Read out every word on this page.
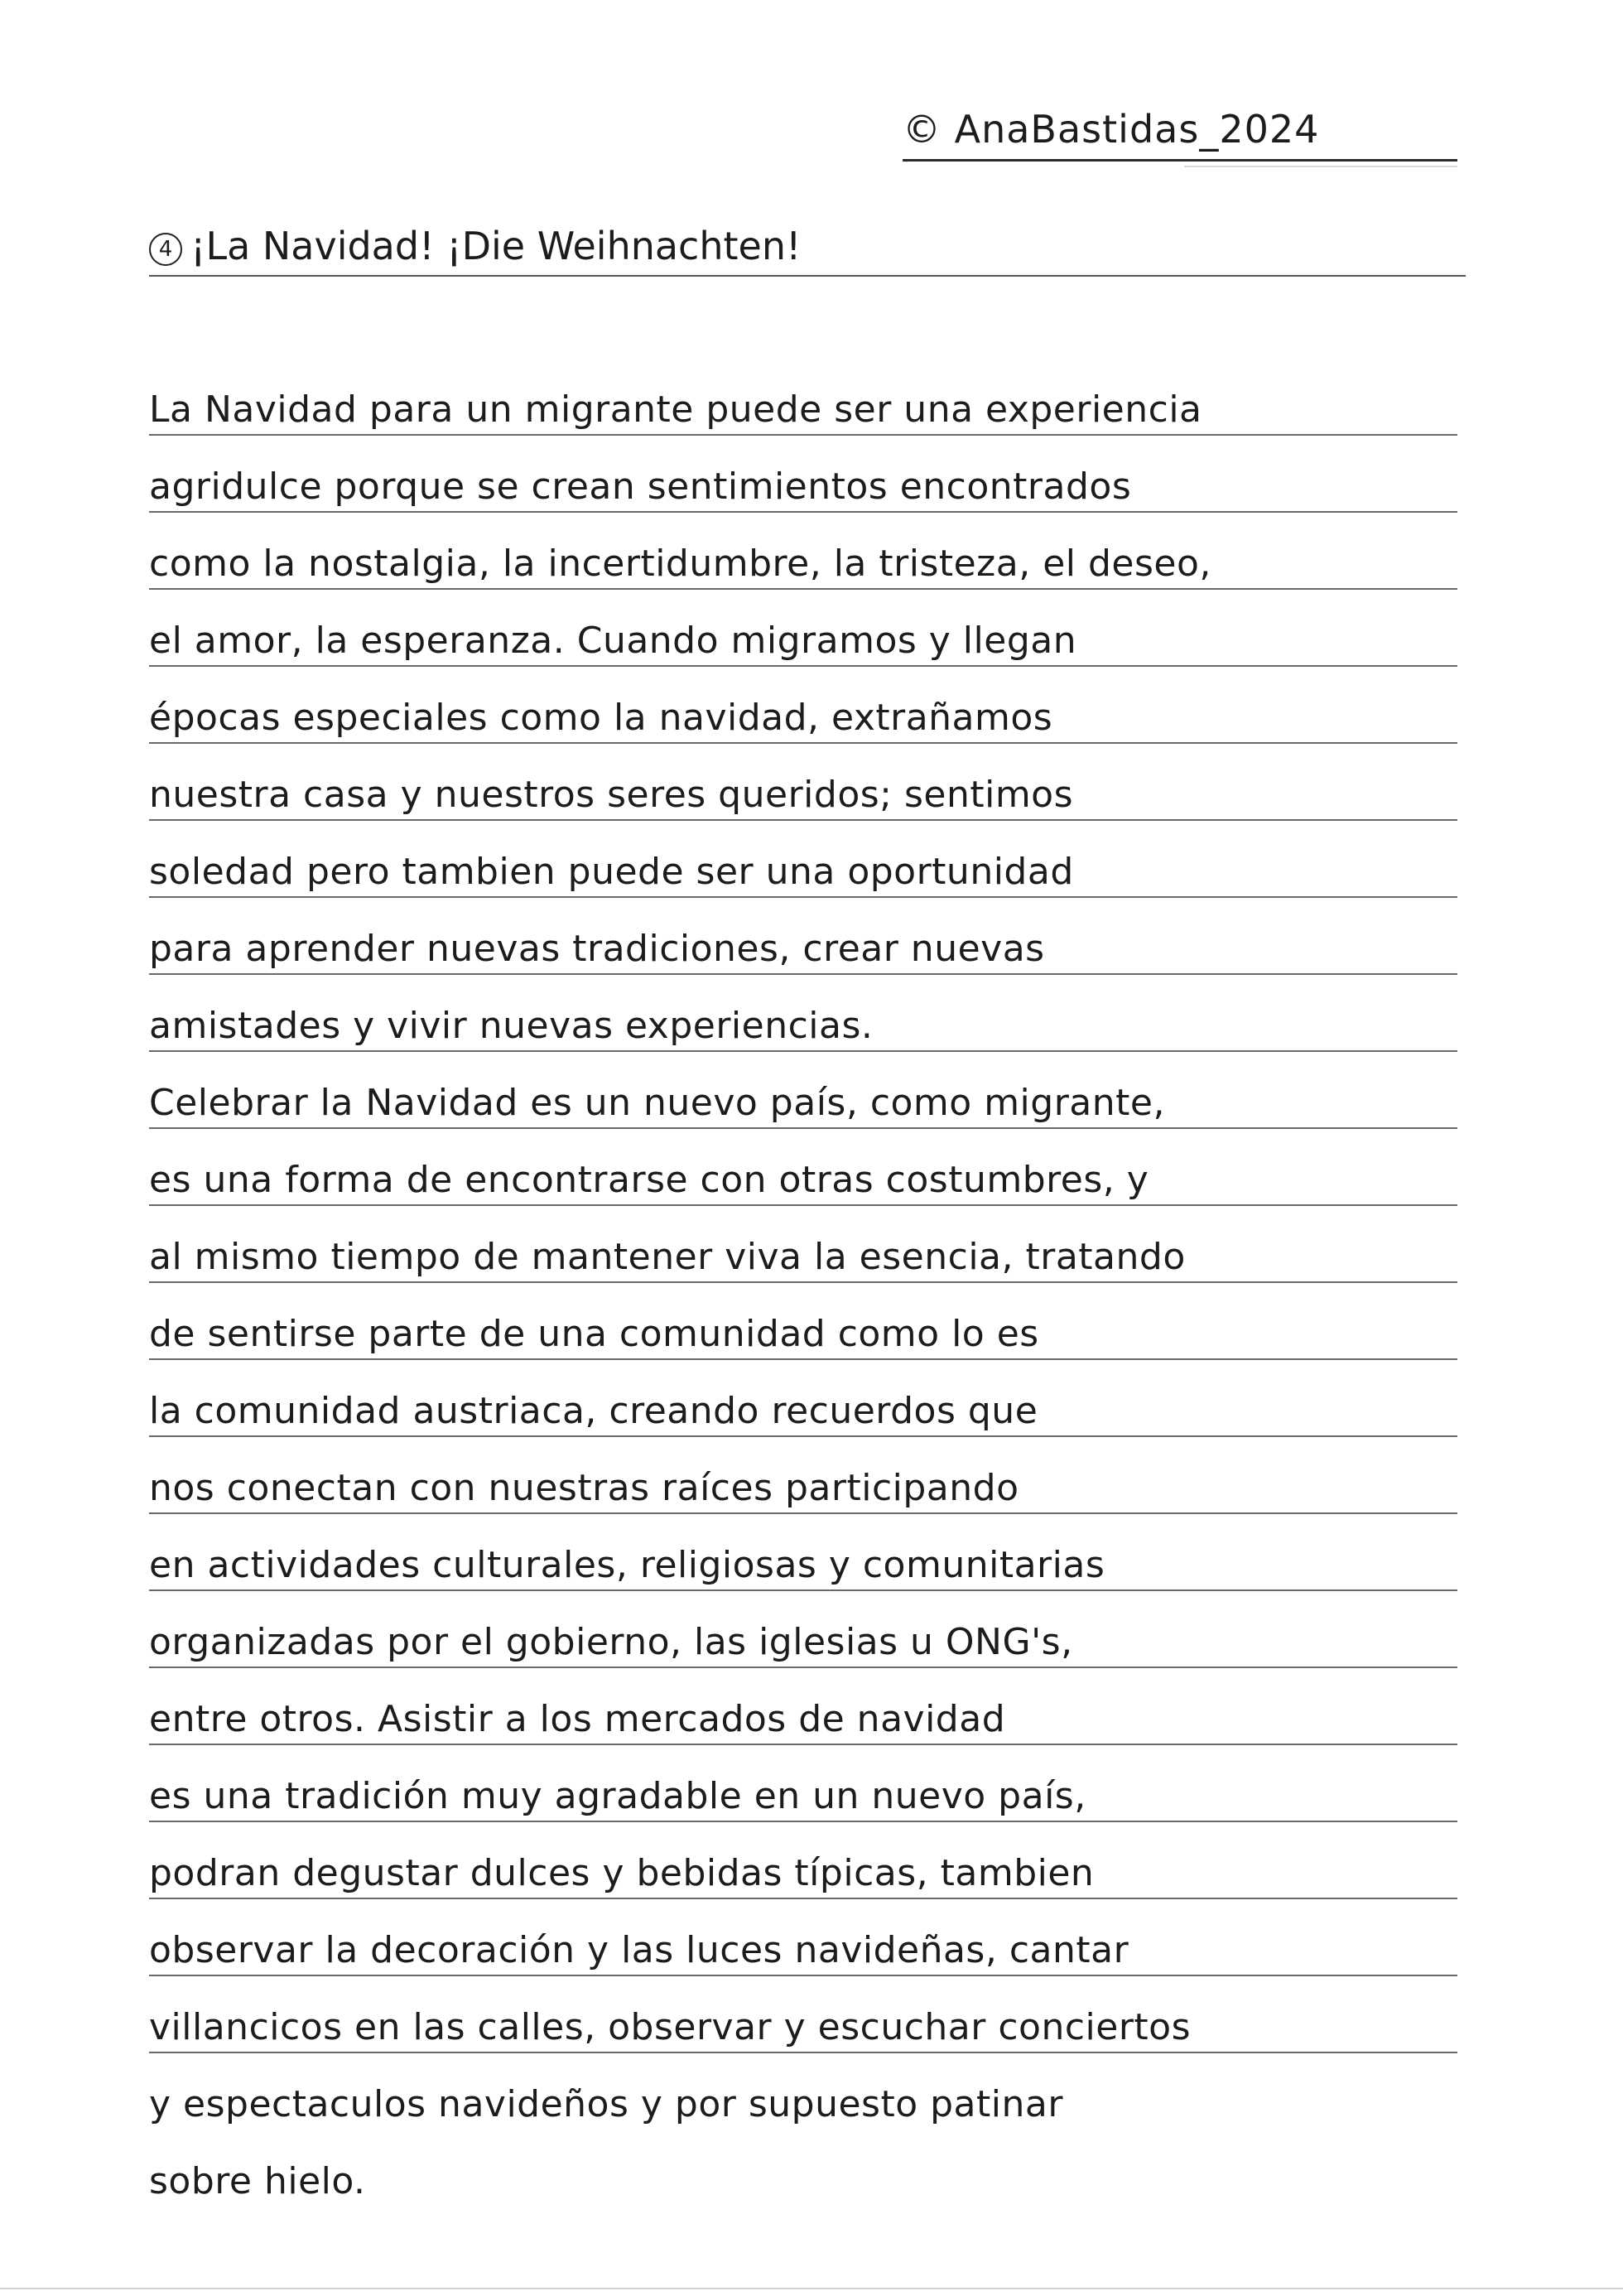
© AnaBastidas_2024
4 ¡La Navidad! ¡Die Weihnachten!
La Navidad para un migrante puede ser una experiencia
agridulce porque se crean sentimientos encontrados
como la nostalgia, la incertidumbre, la tristeza, el deseo,
el amor, la esperanza. Cuando migramos y llegan
épocas especiales como la navidad, extrañamos
nuestra casa y nuestros seres queridos; sentimos
soledad pero tambien puede ser una oportunidad
para aprender nuevas tradiciones, crear nuevas
amistades y vivir nuevas experiencias.
Celebrar la Navidad es un nuevo país, como migrante,
es una forma de encontrarse con otras costumbres, y
al mismo tiempo de mantener viva la esencia, tratando
de sentirse parte de una comunidad como lo es
la comunidad austriaca, creando recuerdos que
nos conectan con nuestras raíces participando
en actividades culturales, religiosas y comunitarias
organizadas por el gobierno, las iglesias u ONG's,
entre otros. Asistir a los mercados de navidad
es una tradición muy agradable en un nuevo país,
podran degustar dulces y bebidas típicas, tambien
observar la decoración y las luces navideñas, cantar
villancicos en las calles, observar y escuchar conciertos
y espectaculos navideños y por supuesto patinar
sobre hielo.
